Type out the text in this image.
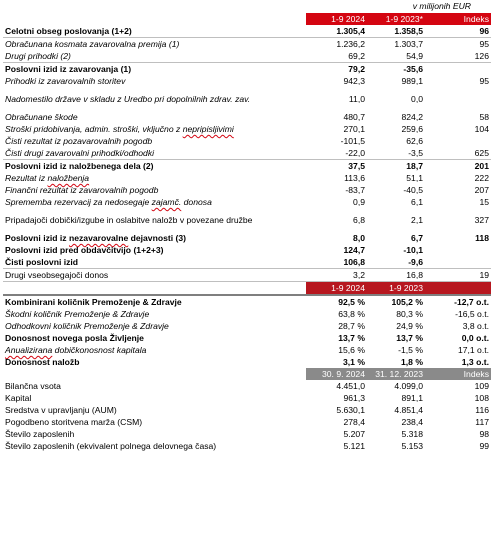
v milijonih EUR
	1-9 2024	1-9 2023*	Indeks
Celotni obseg poslovanja (1+2)	1.305,4	1.358,5	96
Obračunana kosmata zavarovalna premija (1)	1.236,2	1.303,7	95
Drugi prihodki (2)	69,2	54,9	126
Poslovni izid iz zavarovanja (1)	79,2	-35,6	
Prihodki iz zavarovalnih storitev	942,3	989,1	95
Nadomestilo države v skladu z Uredbo pri dopolnilnih zdrav. zav.	11,0	0,0	
Obračunane škode	480,7	824,2	58
Stroški pridobivanja, admin. stroški, vključno z nepripisljivimi	270,1	259,6	104
Čisti rezultat iz pozavarovalnih pogodb	-101,5	62,6	
Čisti drugi zavarovalni prihodki/odhodki	-22,0	-3,5	625
Poslovni izid iz naložbenega dela (2)	37,5	18,7	201
Rezultat iz naložbenja	113,6	51,1	222
Finančni rezultat iz zavarovalnih pogodb	-83,7	-40,5	207
Sprememba rezervacij za nedosegaje zajamč. donosa	0,9	6,1	15
Pripadajoči dobički/izgube in oslabitve naložb v povezane družbe	6,8	2,1	327
Poslovni izid iz nezavarovalne dejavnosti (3)	8,0	6,7	118
Poslovni izid pred obdavčitvijo (1+2+3)	124,7	-10,1	
Čisti poslovni izid	106,8	-9,6	
Drugi vseobsegajoči donos	3,2	16,8	19
	1-9 2024	1-9 2023	
Kombinirani količnik Premoženje & Zdravje	92,5 %	105,2 %	-12,7 o.t.
Škodni količnik Premoženje & Zdravje	63,8 %	80,3 %	-16,5 o.t.
Odhodkovni količnik Premoženje & Zdravje	28,7 %	24,9 %	3,8 o.t.
Donosnost novega posla Življenje	13,7 %	13,7 %	0,0 o.t.
Anualizirana dobičkonosnost kapitala	15,6 %	-1,5 %	17,1 o.t.
Donosnost naložb	3,1 %	1,8 %	1,3 o.t.
	30. 9. 2024	31. 12. 2023	Indeks
Bilančna vsota	4.451,0	4.099,0	109
Kapital	961,3	891,1	108
Sredstva v upravljanju (AUM)	5.630,1	4.851,4	116
Pogodbeno storitvena marža (CSM)	278,4	238,4	117
Število zaposlenih	5.207	5.318	98
Število zaposlenih (ekvivalent polnega delovnega časa)	5.121	5.153	99
